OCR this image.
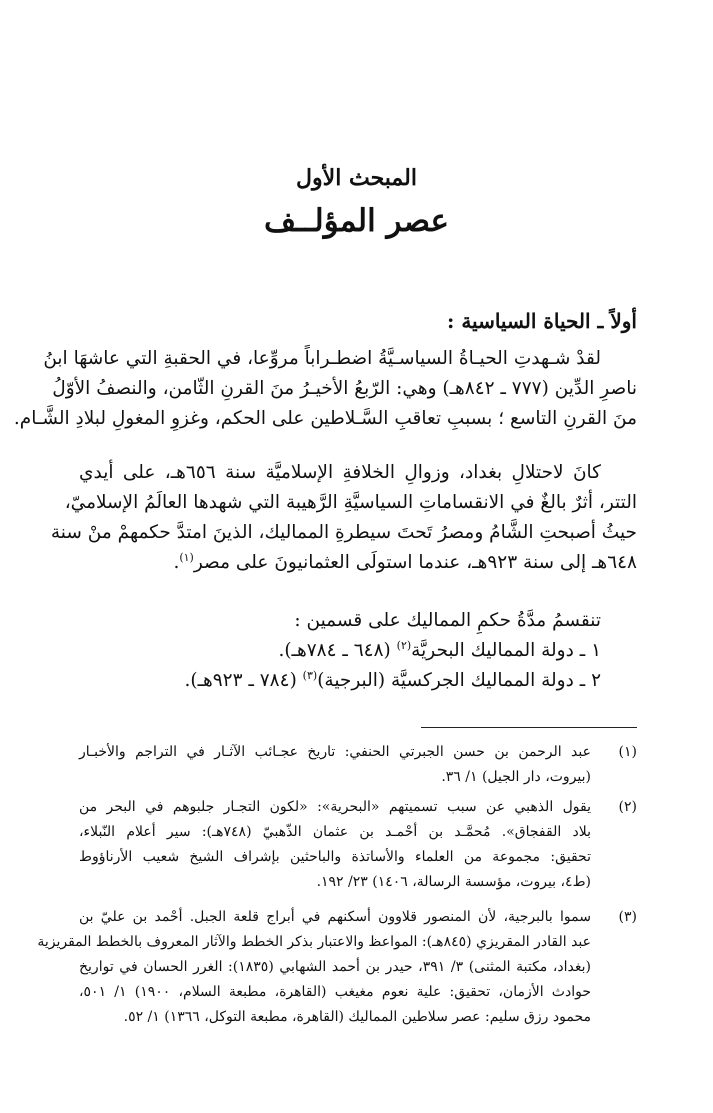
المبحث الأول
عصر المؤلــف
أولاً ـ الحياة السياسية :
لقدْ شـهدتِ الحيـاةُ السياسـيَّةُ اضطـراباً مروِّعا، في الحقبةِ التي عاشهَا ابنُ
ناصرِ الدِّين (٧٧٧ ـ ٨٤٢هـ) وهي: الرّبعُ الأخيـرُ منَ القرنِ الثّامن، والنصفُ الأوّلُ
منَ القرنِ التاسع ؛ بسببِ تعاقبِ السَّـلاطين على الحكم، وغزوِ المغولِ لبلادِ الشَّـام.
كانَ لاحتلالِ بغداد، وزوالِ الخلافةِ الإسلاميَّة سنة ٦٥٦هـ، على أيدي
التتر، أثرٌ بالغٌ في الانقساماتِ السياسيَّةِ الرَّهيبة التي شهدها العالَمُ الإسلاميّ،
حيثُ أصبحتِ الشَّامُ ومصرُ تَحتَ سيطرةِ المماليك، الذينَ امتدَّ حكمهمْ منْ سنة
٦٤٨هـ إلى سنة ٩٢٣هـ، عندما استولَى العثمانيونَ على مصر$^{(١)}$.
تنقسمُ مدَّةُ حكمِ المماليك على قسمين :
١ ـ دولة المماليك البحريَّة$^{(٢)}$ (٦٤٨ ـ ٧٨٤هـ).
٢ ـ دولة المماليك الجركسيَّة (البرجية)$^{(٣)}$ (٧٨٤ ـ ٩٢٣هـ).
(١)
عبد الرحمن بن حسن الجبرتي الحنفي: تاريخ عجـائب الآثـار في التراجم والأخبـار
(بيروت، دار الجيل) ١/ ٣٦.
(٢)
يقول الذهبي عن سبب تسميتهم «البحرية»: «لكون التجـار جلبوهم في البحر من
بلاد القفجاق». مُحمَّـد بن أحْمـد بن عثمان الذّهبيّ (٧٤٨هـ): سير أعلام النّبلاء،
تحقيق: مجموعة من العلماء والأساتذة والباحثين بإشراف الشيخ شعيب الأرناؤوط
(ط٤، بيروت، مؤسسة الرسالة، ١٤٠٦) ٢٣/ ١٩٢.
(٣)
سموا بالبرجية، لأن المنصور قلاوون أسكنهم في أبراج قلعة الجبل. أحْمد بن عليّ بن
عبد القادر المقريزي (٨٤٥هـ): المواعظ والاعتبار بذكر الخطط والآثار المعروف بالخطط المقريزية
(بغداد، مكتبة المثنى) ٣/ ٣٩١، حيدر بن أحمد الشهابي (١٨٣٥): الغرر الحسان في تواريخ
حوادث الأزمان، تحقيق: علية نعوم مغيغب (القاهرة، مطبعة السلام، ١٩٠٠) ١/ ٥٠١،
محمود رزق سليم: عصر سلاطين المماليك (القاهرة، مطبعة التوكل، ١٣٦٦) ١/ ٥٢.
